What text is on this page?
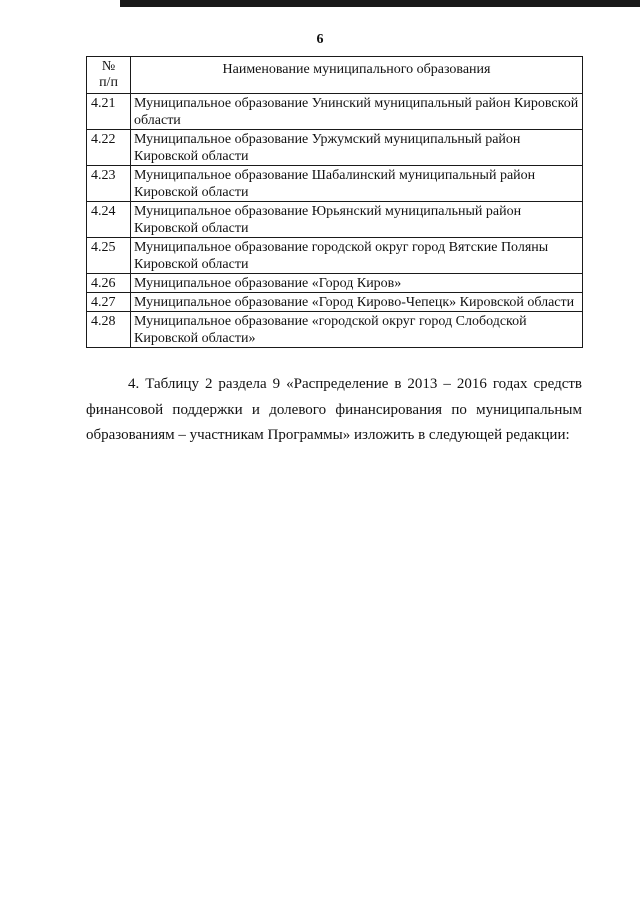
6
№
п/п	Наименование муниципального образования
4.21	Муниципальное образование Унинский муниципальный район Кировской области
4.22	Муниципальное образование Уржумский муниципальный район Кировской области
4.23	Муниципальное образование Шабалинский муниципальный район Кировской области
4.24	Муниципальное образование Юрьянский муниципальный район Кировской области
4.25	Муниципальное образование городской округ город Вятские Поляны Кировской области
4.26	Муниципальное образование «Город Киров»
4.27	Муниципальное образование «Город Кирово-Чепецк» Кировской области
4.28	Муниципальное образование «городской округ город Слободской Кировской области»

4. Таблицу 2 раздела 9 «Распределение в 2013 – 2016 годах средств финансовой поддержки и долевого финансирования по муниципальным образованиям – участникам Программы» изложить в следующей редакции:
